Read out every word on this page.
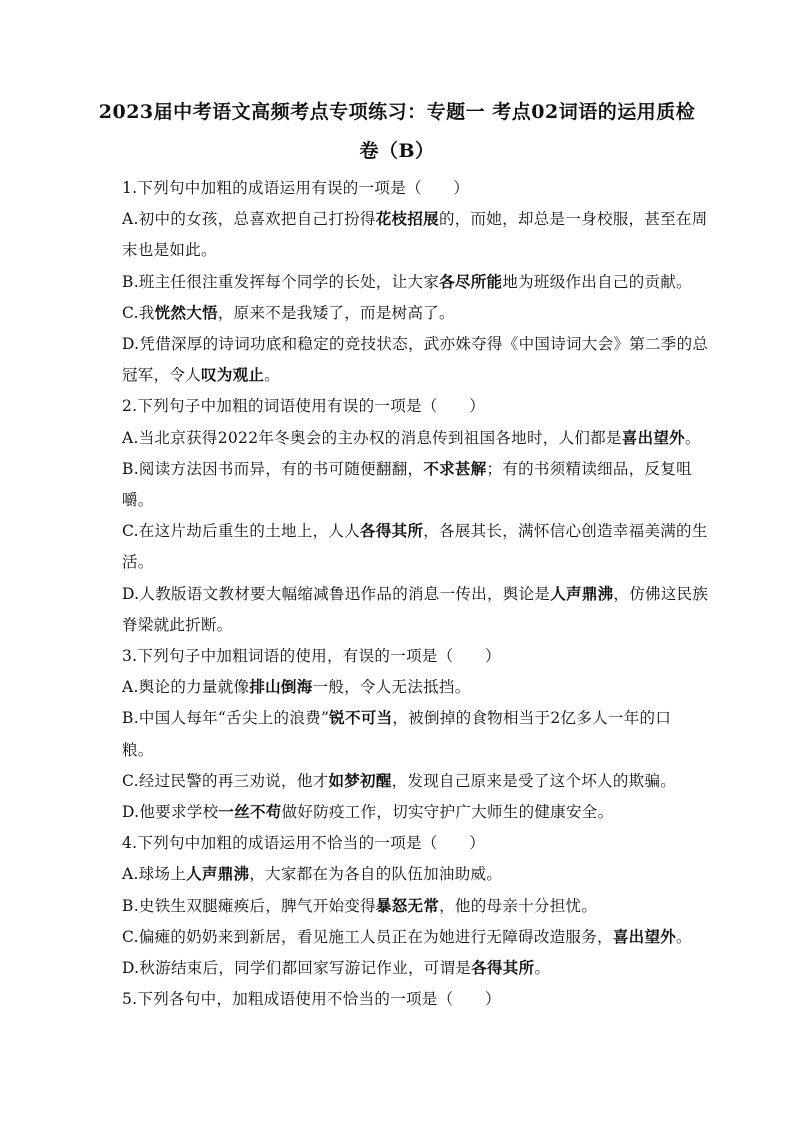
2023届中考语文高频考点专项练习：专题一 考点02词语的运用质检
卷（B）
1.下列句中加粗的成语运用有误的一项是（　　）
A.初中的女孩，总喜欢把自己打扮得花枝招展的，而她，却总是一身校服，甚至在周
末也是如此。
B.班主任很注重发挥每个同学的长处，让大家各尽所能地为班级作出自己的贡献。
C.我恍然大悟，原来不是我矮了，而是树高了。
D.凭借深厚的诗词功底和稳定的竞技状态，武亦姝夺得《中国诗词大会》第二季的总
冠军，令人叹为观止。
2.下列句子中加粗的词语使用有误的一项是（　　）
A.当北京获得2022年冬奥会的主办权的消息传到祖国各地时，人们都是喜出望外。
B.阅读方法因书而异，有的书可随便翻翻，不求甚解；有的书须精读细品，反复咀
嚼。
C.在这片劫后重生的土地上，人人各得其所，各展其长，满怀信心创造幸福美满的生
活。
D.人教版语文教材要大幅缩减鲁迅作品的消息一传出，舆论是人声鼎沸，仿佛这民族
脊梁就此折断。
3.下列句子中加粗词语的使用，有误的一项是（　　）
A.舆论的力量就像排山倒海一般，令人无法抵挡。
B.中国人每年“舌尖上的浪费”锐不可当，被倒掉的食物相当于2亿多人一年的口
粮。
C.经过民警的再三劝说，他才如梦初醒，发现自己原来是受了这个坏人的欺骗。
D.他要求学校一丝不苟做好防疫工作，切实守护广大师生的健康安全。
4.下列句中加粗的成语运用不恰当的一项是（　　）
A.球场上人声鼎沸，大家都在为各自的队伍加油助威。
B.史铁生双腿瘫痪后，脾气开始变得暴怒无常，他的母亲十分担忧。
C.偏瘫的奶奶来到新居，看见施工人员正在为她进行无障碍改造服务，喜出望外。
D.秋游结束后，同学们都回家写游记作业，可谓是各得其所。
5.下列各句中，加粗成语使用不恰当的一项是（　　）
